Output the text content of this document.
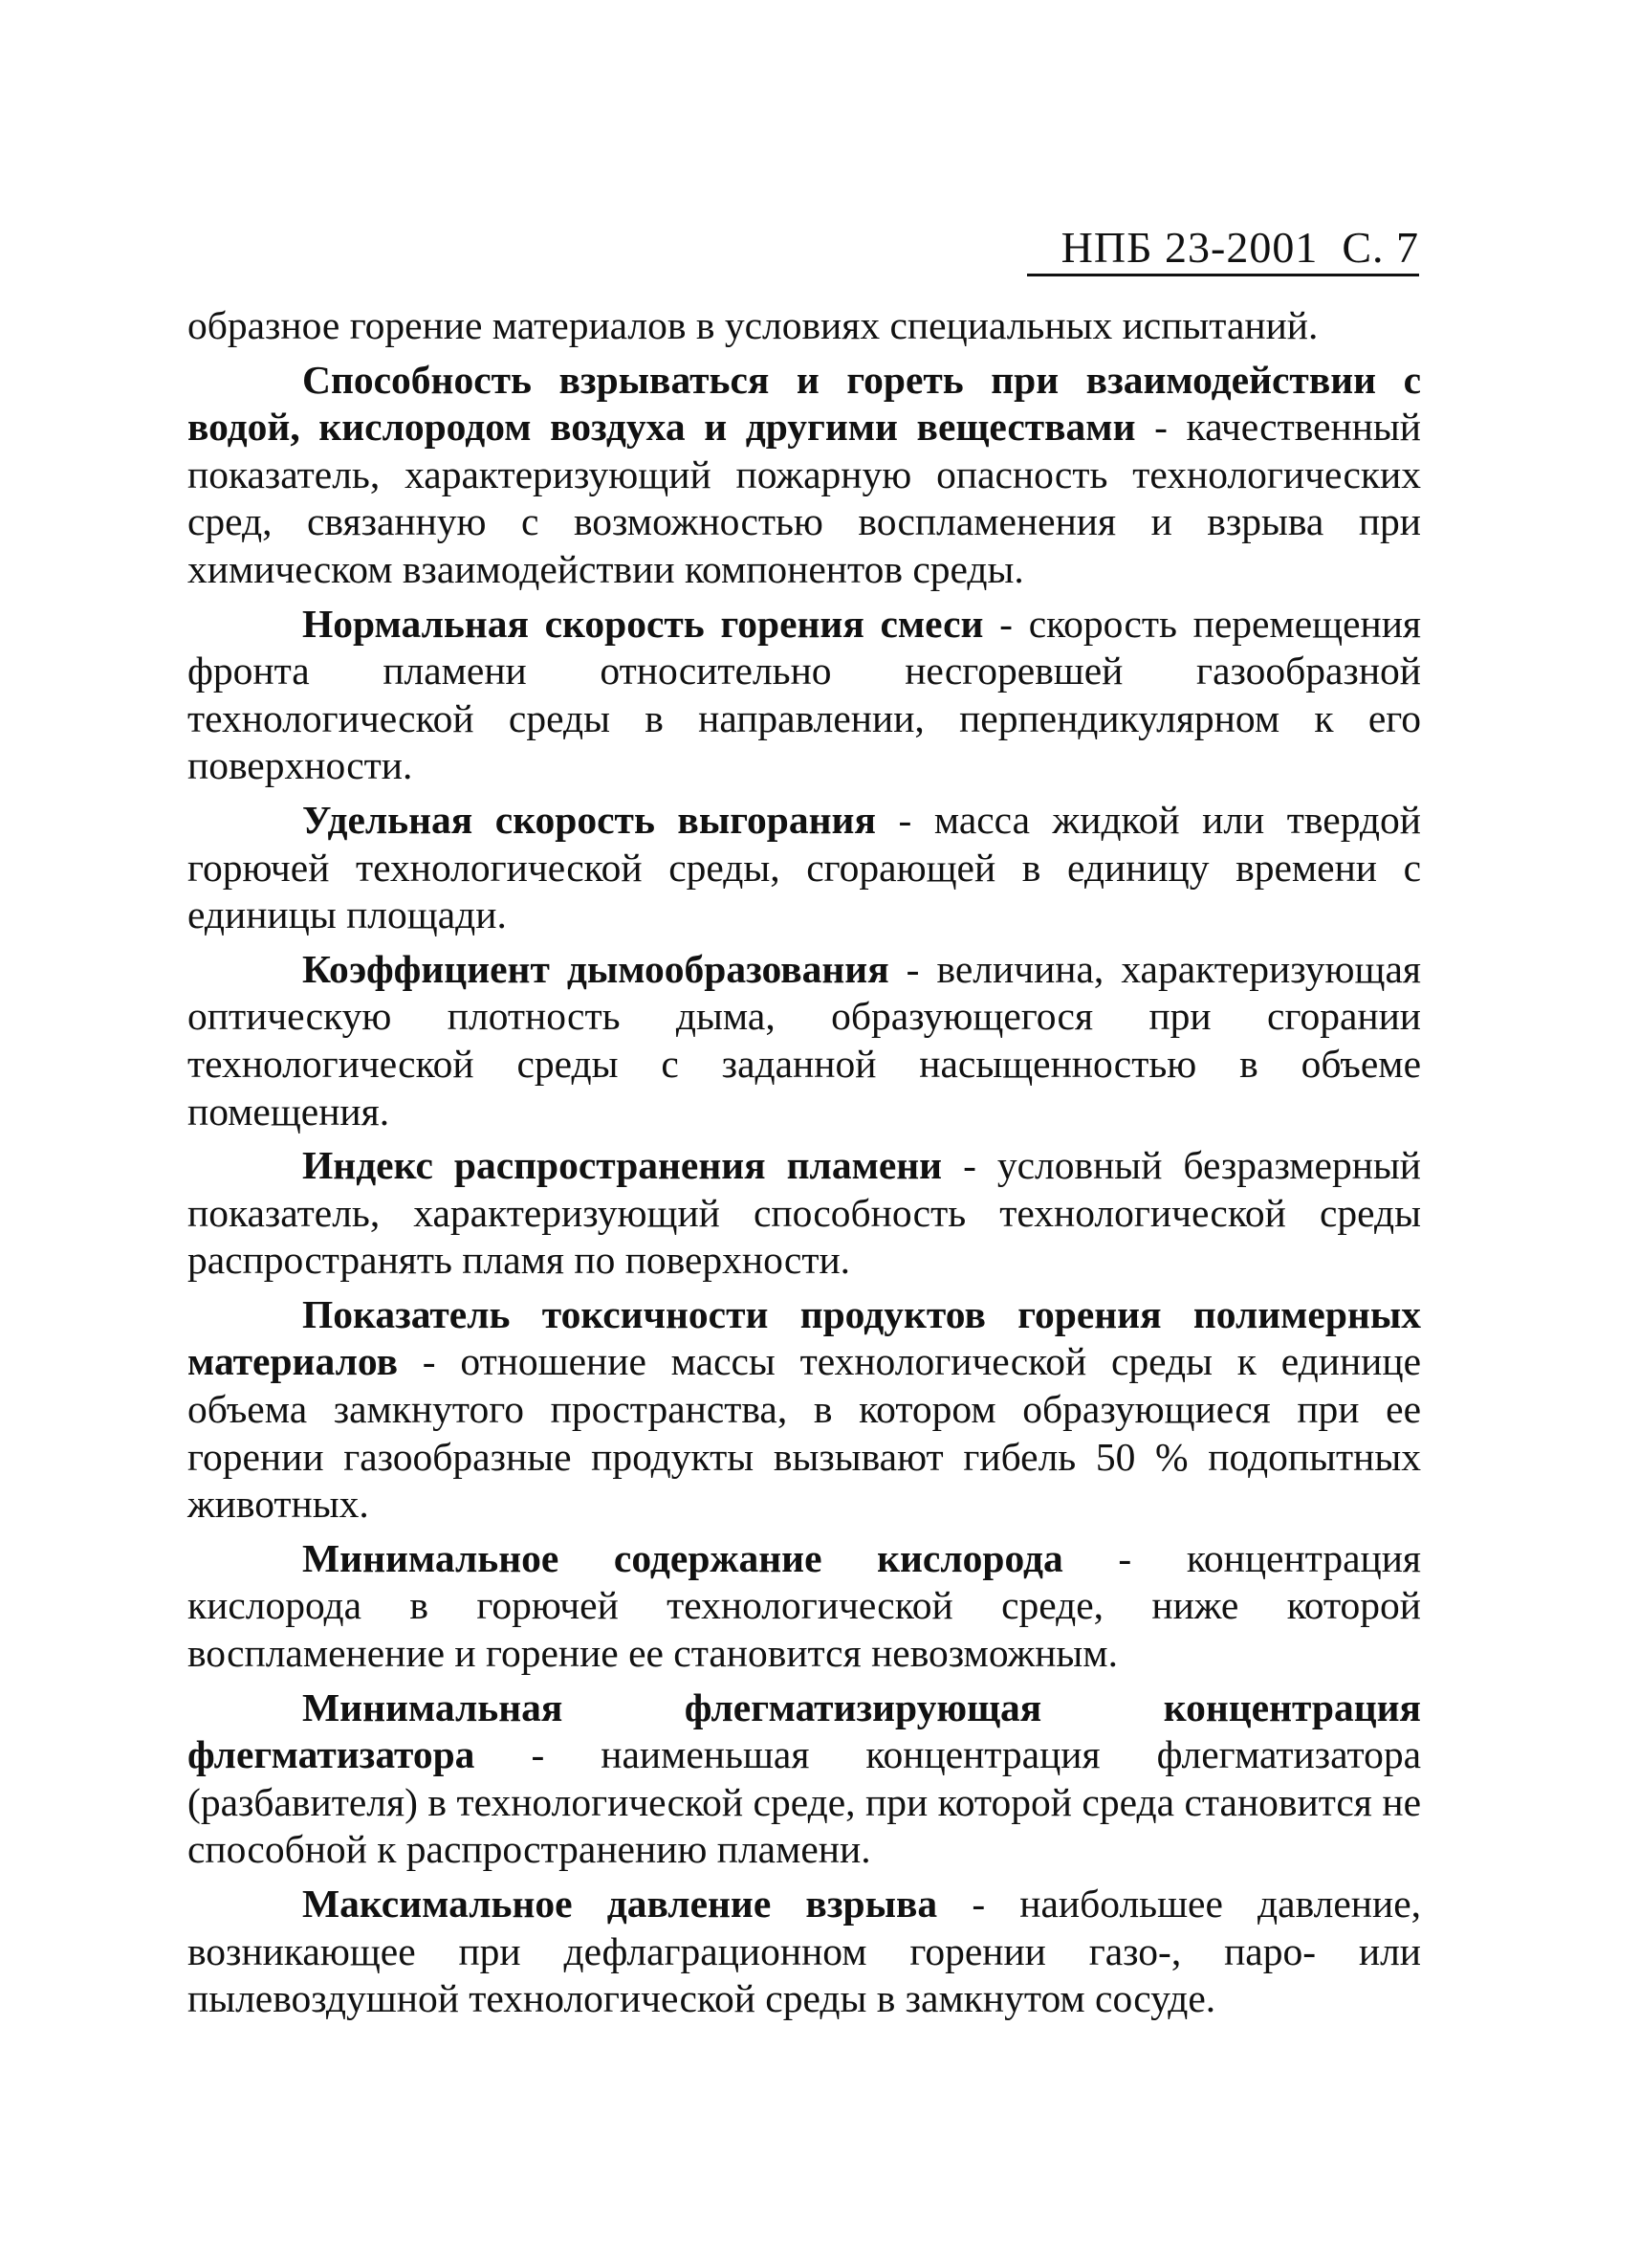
НПБ 23-2001 С. 7

образное горение материалов в условиях специальных испытаний.

Способность взрываться и гореть при взаимодействии с водой, кислородом воздуха и другими веществами - качественный показатель, характеризующий пожарную опасность технологических сред, связанную с возможностью воспламенения и взрыва при химическом взаимодействии компонентов среды.

Нормальная скорость горения смеси - скорость перемещения фронта пламени относительно несгоревшей газообразной технологической среды в направлении, перпендикулярном к его поверхности.

Удельная скорость выгорания - масса жидкой или твердой горючей технологической среды, сгорающей в единицу времени с единицы площади.

Коэффициент дымообразования - величина, характеризующая оптическую плотность дыма, образующегося при сгорании технологической среды с заданной насыщенностью в объеме помещения.

Индекс распространения пламени - условный безразмерный показатель, характеризующий способность технологической среды распространять пламя по поверхности.

Показатель токсичности продуктов горения полимерных материалов - отношение массы технологической среды к единице объема замкнутого пространства, в котором образующиеся при ее горении газообразные продукты вызывают гибель 50 % подопытных животных.

Минимальное содержание кислорода - концентрация кислорода в горючей технологической среде, ниже которой воспламенение и горение ее становится невозможным.

Минимальная флегматизирующая концентрация флегматизатора - наименьшая концентрация флегматизатора (разбавителя) в технологической среде, при которой среда становится не способной к распространению пламени.

Максимальное давление взрыва - наибольшее давление, возникающее при дефлаграционном горении газо-, паро- или пылевоздушной технологической среды в замкнутом сосуде.
